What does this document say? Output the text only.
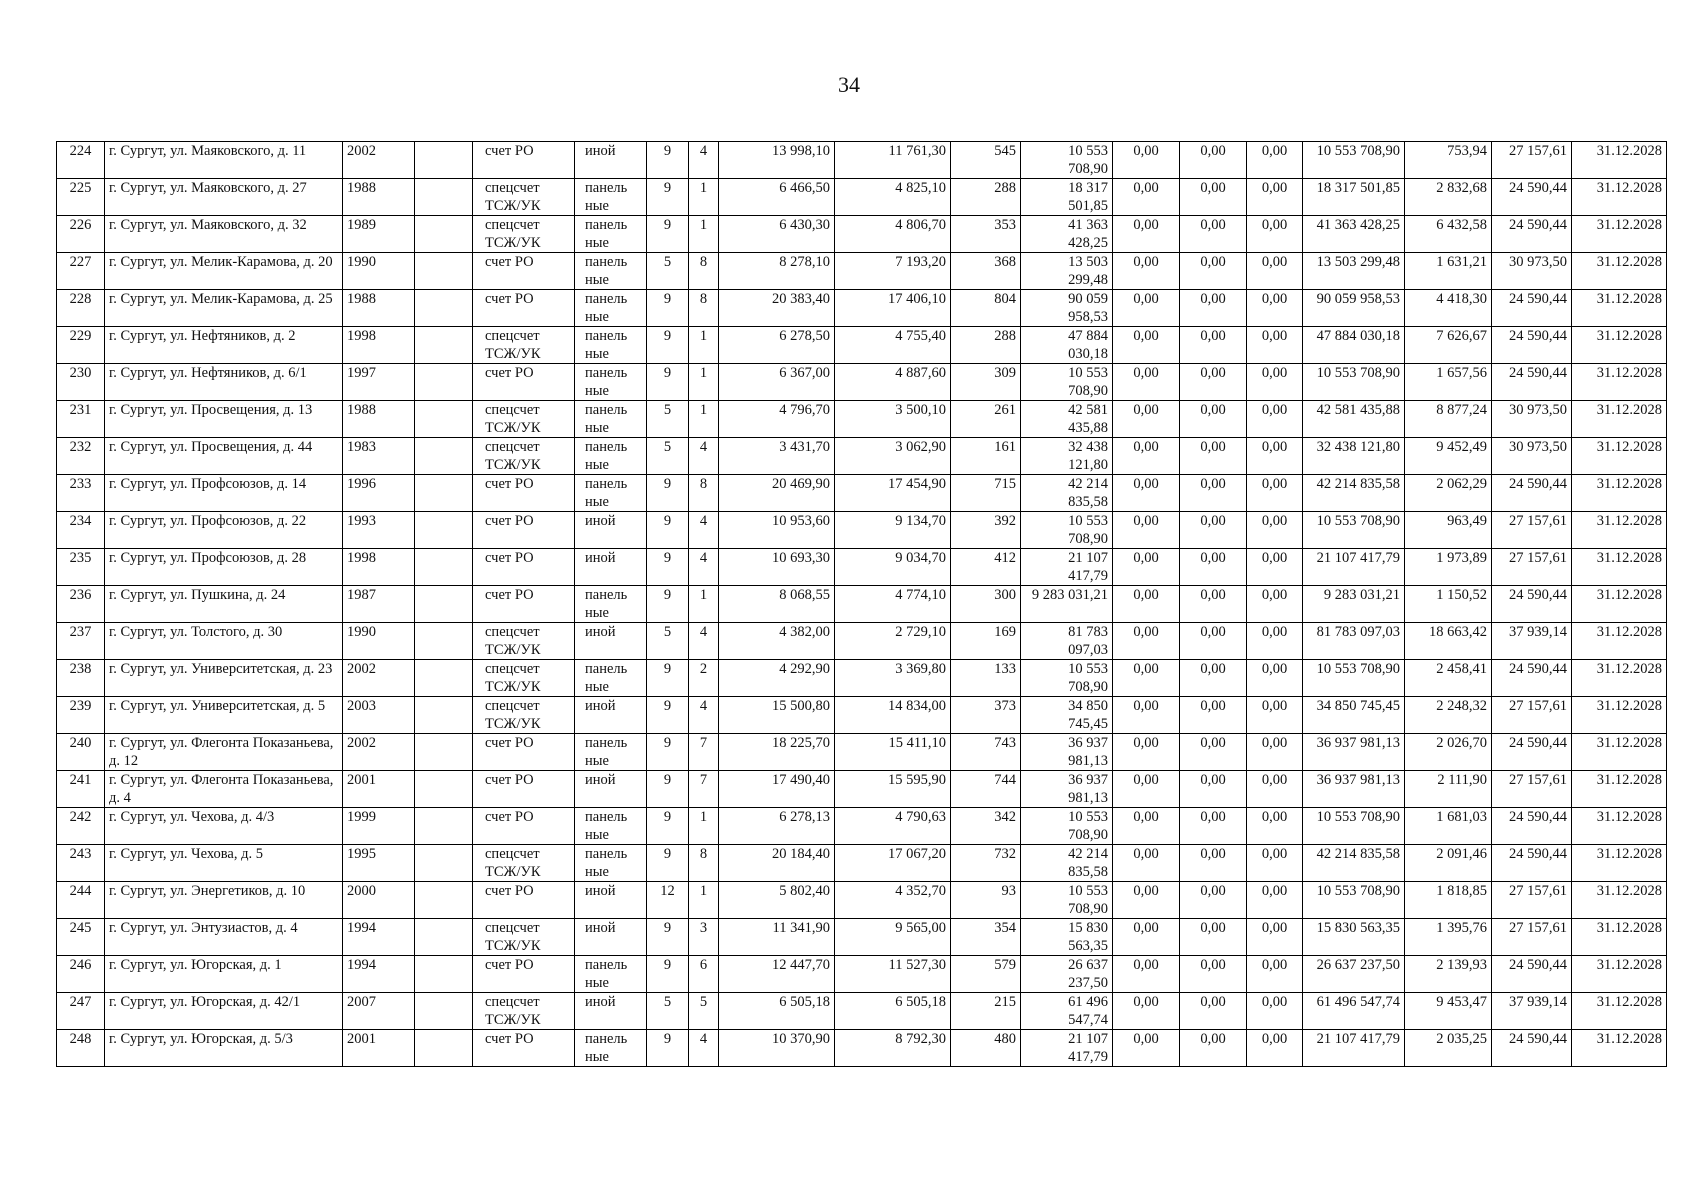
34
224	г. Сургут, ул. Маяковского, д. 11	2002		счет РО	иной	9	4	13 998,10	11 761,30	545	10 553 708,90	0,00	0,00	0,00	10 553 708,90	753,94	27 157,61	31.12.2028
225	г. Сургут, ул. Маяковского, д. 27	1988		спецсчет ТСЖ/УК	панель ные	9	1	6 466,50	4 825,10	288	18 317 501,85	0,00	0,00	0,00	18 317 501,85	2 832,68	24 590,44	31.12.2028
226	г. Сургут, ул. Маяковского, д. 32	1989		спецсчет ТСЖ/УК	панель ные	9	1	6 430,30	4 806,70	353	41 363 428,25	0,00	0,00	0,00	41 363 428,25	6 432,58	24 590,44	31.12.2028
227	г. Сургут, ул. Мелик-Карамова, д. 20	1990		счет РО	панель ные	5	8	8 278,10	7 193,20	368	13 503 299,48	0,00	0,00	0,00	13 503 299,48	1 631,21	30 973,50	31.12.2028
228	г. Сургут, ул. Мелик-Карамова, д. 25	1988		счет РО	панель ные	9	8	20 383,40	17 406,10	804	90 059 958,53	0,00	0,00	0,00	90 059 958,53	4 418,30	24 590,44	31.12.2028
229	г. Сургут, ул. Нефтяников, д. 2	1998		спецсчет ТСЖ/УК	панель ные	9	1	6 278,50	4 755,40	288	47 884 030,18	0,00	0,00	0,00	47 884 030,18	7 626,67	24 590,44	31.12.2028
230	г. Сургут, ул. Нефтяников, д. 6/1	1997		счет РО	панель ные	9	1	6 367,00	4 887,60	309	10 553 708,90	0,00	0,00	0,00	10 553 708,90	1 657,56	24 590,44	31.12.2028
231	г. Сургут, ул. Просвещения, д. 13	1988		спецсчет ТСЖ/УК	панель ные	5	1	4 796,70	3 500,10	261	42 581 435,88	0,00	0,00	0,00	42 581 435,88	8 877,24	30 973,50	31.12.2028
232	г. Сургут, ул. Просвещения, д. 44	1983		спецсчет ТСЖ/УК	панель ные	5	4	3 431,70	3 062,90	161	32 438 121,80	0,00	0,00	0,00	32 438 121,80	9 452,49	30 973,50	31.12.2028
233	г. Сургут, ул. Профсоюзов, д. 14	1996		счет РО	панель ные	9	8	20 469,90	17 454,90	715	42 214 835,58	0,00	0,00	0,00	42 214 835,58	2 062,29	24 590,44	31.12.2028
234	г. Сургут, ул. Профсоюзов, д. 22	1993		счет РО	иной	9	4	10 953,60	9 134,70	392	10 553 708,90	0,00	0,00	0,00	10 553 708,90	963,49	27 157,61	31.12.2028
235	г. Сургут, ул. Профсоюзов, д. 28	1998		счет РО	иной	9	4	10 693,30	9 034,70	412	21 107 417,79	0,00	0,00	0,00	21 107 417,79	1 973,89	27 157,61	31.12.2028
236	г. Сургут, ул. Пушкина, д. 24	1987		счет РО	панель ные	9	1	8 068,55	4 774,10	300	9 283 031,21	0,00	0,00	0,00	9 283 031,21	1 150,52	24 590,44	31.12.2028
237	г. Сургут, ул. Толстого, д. 30	1990		спецсчет ТСЖ/УК	иной	5	4	4 382,00	2 729,10	169	81 783 097,03	0,00	0,00	0,00	81 783 097,03	18 663,42	37 939,14	31.12.2028
238	г. Сургут, ул. Университетская, д. 23	2002		спецсчет ТСЖ/УК	панель ные	9	2	4 292,90	3 369,80	133	10 553 708,90	0,00	0,00	0,00	10 553 708,90	2 458,41	24 590,44	31.12.2028
239	г. Сургут, ул. Университетская, д. 5	2003		спецсчет ТСЖ/УК	иной	9	4	15 500,80	14 834,00	373	34 850 745,45	0,00	0,00	0,00	34 850 745,45	2 248,32	27 157,61	31.12.2028
240	г. Сургут, ул. Флегонта Показаньева, д. 12	2002		счет РО	панель ные	9	7	18 225,70	15 411,10	743	36 937 981,13	0,00	0,00	0,00	36 937 981,13	2 026,70	24 590,44	31.12.2028
241	г. Сургут, ул. Флегонта Показаньева, д. 4	2001		счет РО	иной	9	7	17 490,40	15 595,90	744	36 937 981,13	0,00	0,00	0,00	36 937 981,13	2 111,90	27 157,61	31.12.2028
242	г. Сургут, ул. Чехова, д. 4/3	1999		счет РО	панель ные	9	1	6 278,13	4 790,63	342	10 553 708,90	0,00	0,00	0,00	10 553 708,90	1 681,03	24 590,44	31.12.2028
243	г. Сургут, ул. Чехова, д. 5	1995		спецсчет ТСЖ/УК	панель ные	9	8	20 184,40	17 067,20	732	42 214 835,58	0,00	0,00	0,00	42 214 835,58	2 091,46	24 590,44	31.12.2028
244	г. Сургут, ул. Энергетиков, д. 10	2000		счет РО	иной	12	1	5 802,40	4 352,70	93	10 553 708,90	0,00	0,00	0,00	10 553 708,90	1 818,85	27 157,61	31.12.2028
245	г. Сургут, ул. Энтузиастов, д. 4	1994		спецсчет ТСЖ/УК	иной	9	3	11 341,90	9 565,00	354	15 830 563,35	0,00	0,00	0,00	15 830 563,35	1 395,76	27 157,61	31.12.2028
246	г. Сургут, ул. Югорская, д. 1	1994		счет РО	панель ные	9	6	12 447,70	11 527,30	579	26 637 237,50	0,00	0,00	0,00	26 637 237,50	2 139,93	24 590,44	31.12.2028
247	г. Сургут, ул. Югорская, д. 42/1	2007		спецсчет ТСЖ/УК	иной	5	5	6 505,18	6 505,18	215	61 496 547,74	0,00	0,00	0,00	61 496 547,74	9 453,47	37 939,14	31.12.2028
248	г. Сургут, ул. Югорская, д. 5/3	2001		счет РО	панель ные	9	4	10 370,90	8 792,30	480	21 107 417,79	0,00	0,00	0,00	21 107 417,79	2 035,25	24 590,44	31.12.2028
